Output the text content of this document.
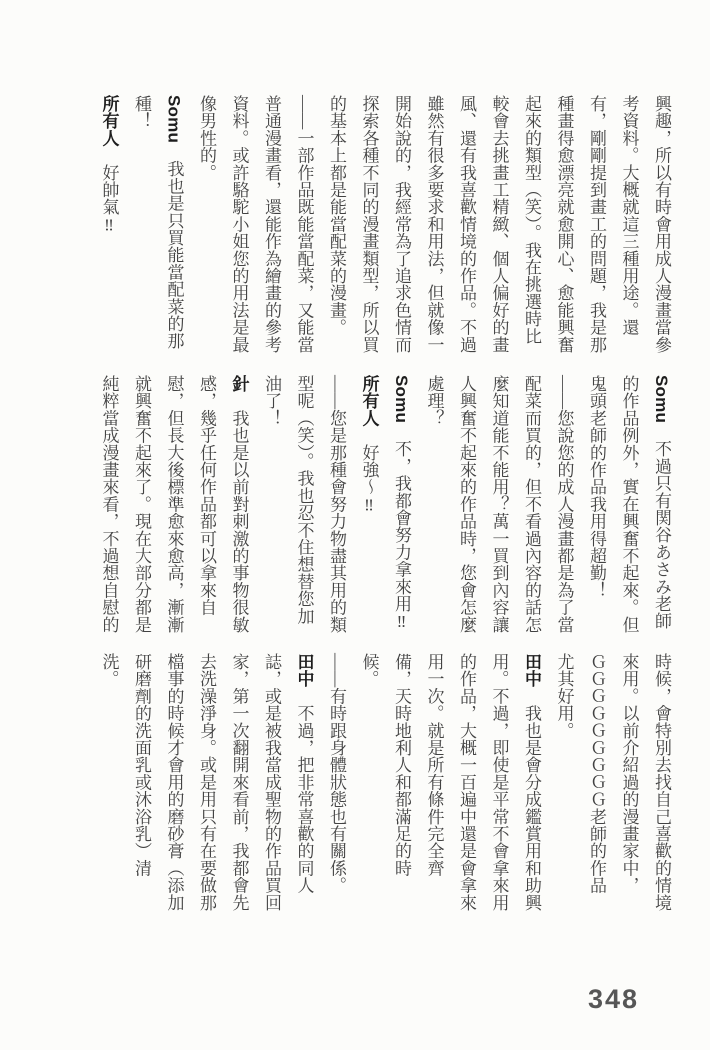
興趣，所以有時會用成人漫畫當參
考資料。大概就這三種用途。還
有，剛剛提到畫工的問題，我是那
種畫得愈漂亮就愈開心、愈能興奮
起來的類型（笑）。我在挑選時比
較會去挑畫工精緻、個人偏好的畫
風、還有我喜歡情境的作品。不過
雖然有很多要求和用法，但就像一
開始說的，我經常為了追求色情而
探索各種不同的漫畫類型，所以買
的基本上都是能當配菜的漫畫。
——一部作品既能當配菜，又能當
普通漫畫看，還能作為繪畫的參考
資料。或許駱駝小姐您的用法是最
像男性的。
Somu　我也是只買能當配菜的那
種！
所有人　好帥氣‼
Somu　不過只有関谷あさみ老師
的作品例外，實在興奮不起來。但
鬼頭老師的作品我用得超勤！
——您說您的成人漫畫都是為了當
配菜而買的，但不看過內容的話怎
麼知道能不能用？萬一買到內容讓
人興奮不起來的作品時，您會怎麼
處理？
Somu　不，我都會努力拿來用‼
所有人　好強～‼
——您是那種會努力物盡其用的類
型呢（笑）。我也忍不住想替您加
油了！
針　我也是以前對刺激的事物很敏
感，幾乎任何作品都可以拿來自
慰，但長大後標準愈來愈高，漸漸
就興奮不起來了。現在大部分都是
純粹當成漫畫來看，不過想自慰的
時候，會特別去找自己喜歡的情境
來用。以前介紹過的漫畫家中，
ＧＧＧＧＧＧＧＧＧ老師的作品
尤其好用。
田中　我也是會分成鑑賞用和助興
用。不過，即使是平常不會拿來用
的作品，大概一百遍中還是會拿來
用一次。就是所有條件完全齊
備，天時地利人和都滿足的時
候。
——有時跟身體狀態也有關係。
田中　不過，把非常喜歡的同人
誌，或是被我當成聖物的作品買回
家，第一次翻開來看前，我都會先
去洗澡淨身。或是用只有在要做那
檔事的時候才會用的磨砂膏（添加
研磨劑的洗面乳或沐浴乳）清
洗。
348
